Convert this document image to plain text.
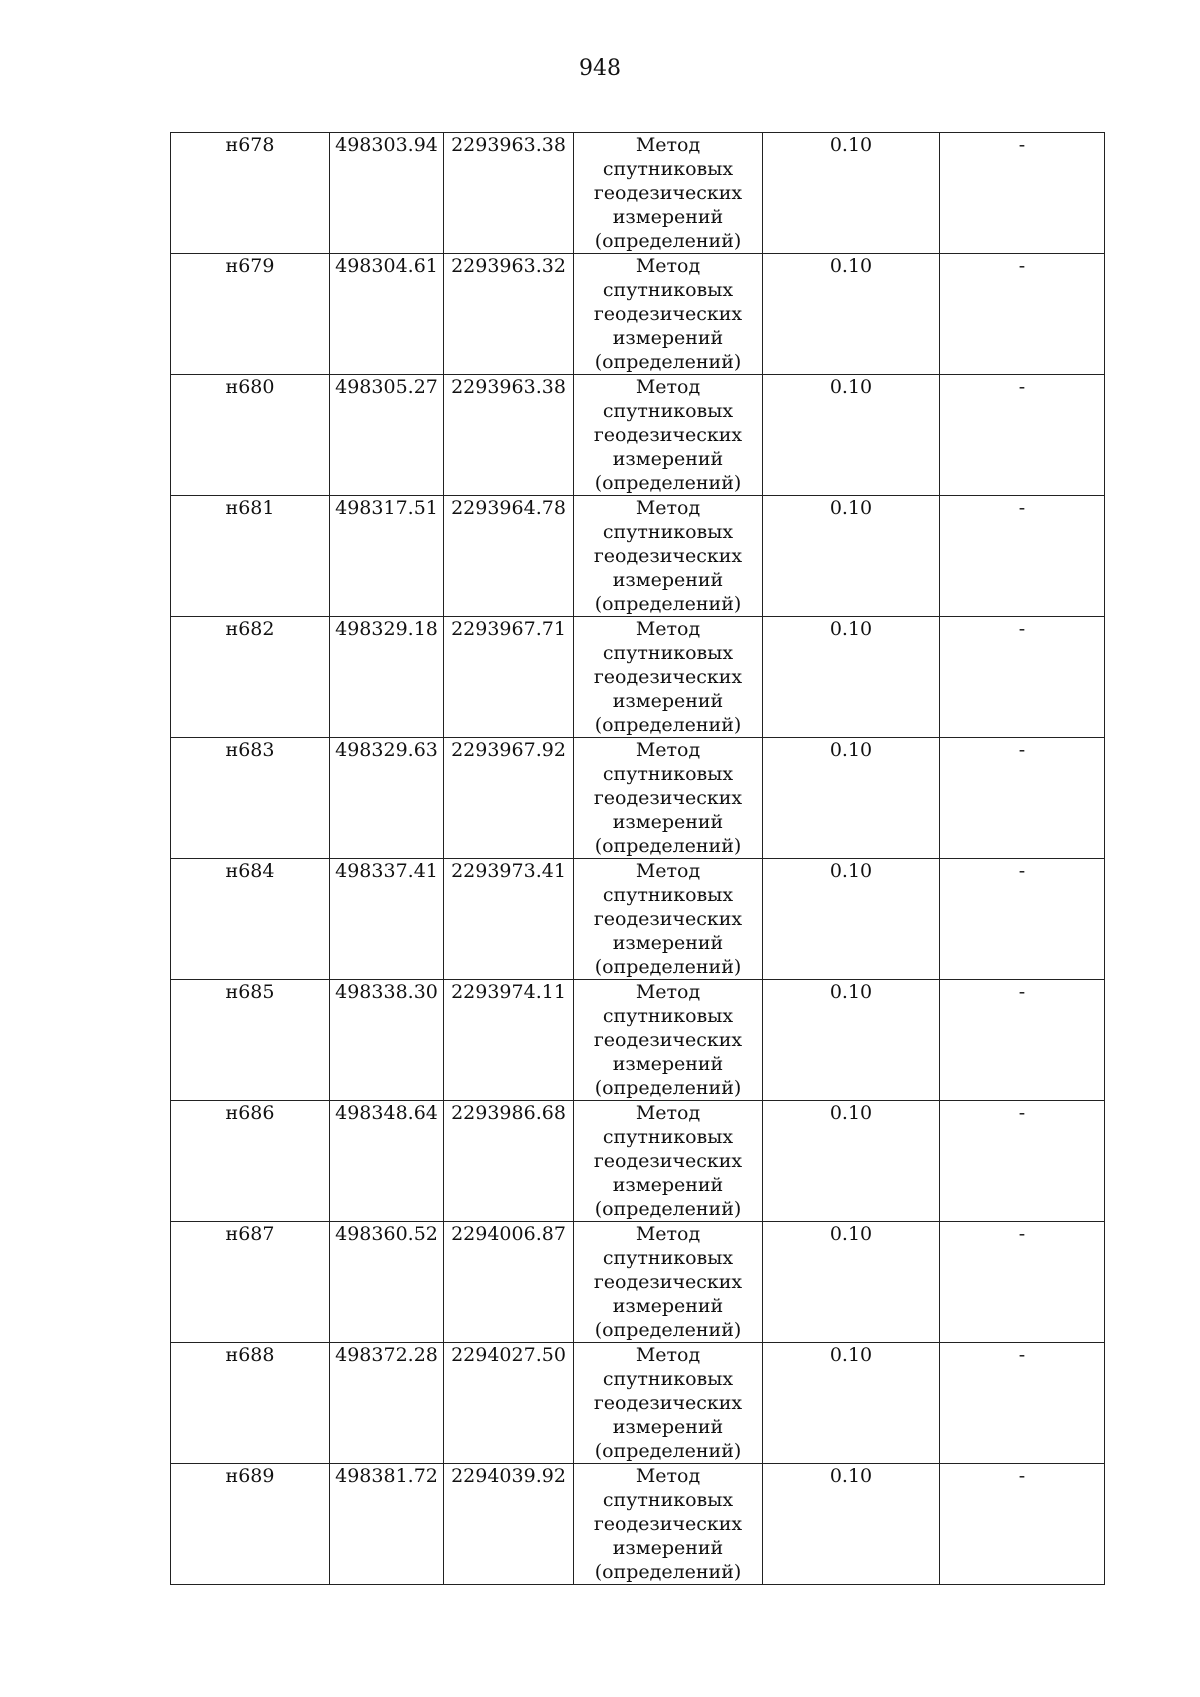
948
н678	498303.94	2293963.38	Метод
спутниковых
геодезических
измерений
(определений)	0.10	-
н679	498304.61	2293963.32	Метод
спутниковых
геодезических
измерений
(определений)	0.10	-
н680	498305.27	2293963.38	Метод
спутниковых
геодезических
измерений
(определений)	0.10	-
н681	498317.51	2293964.78	Метод
спутниковых
геодезических
измерений
(определений)	0.10	-
н682	498329.18	2293967.71	Метод
спутниковых
геодезических
измерений
(определений)	0.10	-
н683	498329.63	2293967.92	Метод
спутниковых
геодезических
измерений
(определений)	0.10	-
н684	498337.41	2293973.41	Метод
спутниковых
геодезических
измерений
(определений)	0.10	-
н685	498338.30	2293974.11	Метод
спутниковых
геодезических
измерений
(определений)	0.10	-
н686	498348.64	2293986.68	Метод
спутниковых
геодезических
измерений
(определений)	0.10	-
н687	498360.52	2294006.87	Метод
спутниковых
геодезических
измерений
(определений)	0.10	-
н688	498372.28	2294027.50	Метод
спутниковых
геодезических
измерений
(определений)	0.10	-
н689	498381.72	2294039.92	Метод
спутниковых
геодезических
измерений
(определений)	0.10	-
